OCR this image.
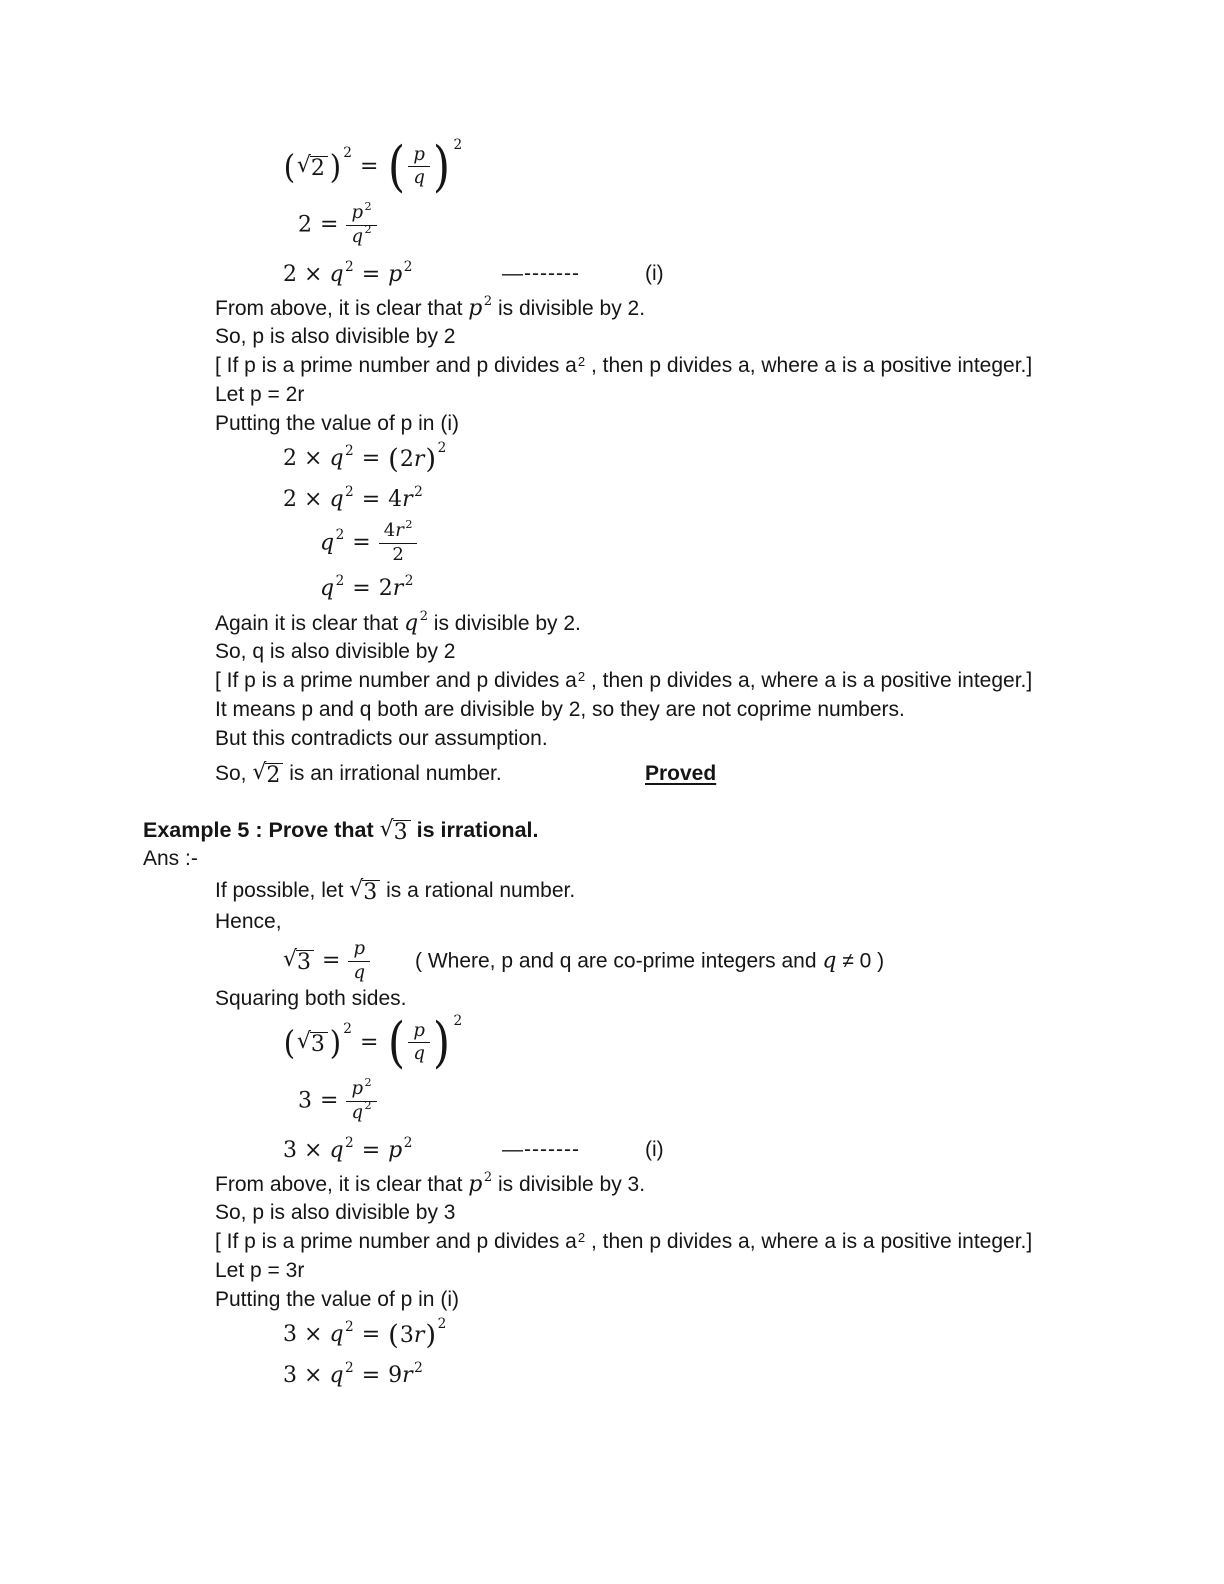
( √ 2 ) 2
= ( $\frac{p}{q}$ ) 2
$2 = \frac{p ^2}{q ^2}$
2 × q $^2$ = p $^2$	—-------	(i)
From above, it is clear that p $^2$ is divisible by 2.
So, p is also divisible by 2
[ If p is a prime number and p divides $a^2$ , then p divides a, where a is a positive integer.]
Let p = 2r
Putting the value of p in (i)
2 × q $^2$ = ( 2r ) 2
2 × q $^2$ = 4r $^2$
q $^2 = \frac{4r ^2}{2}$
q $^2$ = 2r $^2$
Again it is clear that q $^2$ is divisible by 2.
So, q is also divisible by 2
[ If p is a prime number and p divides $a^2$ , then p divides a, where a is a positive integer.]
It means p and q both are divisible by 2, so they are not coprime numbers.
But this contradicts our assumption.
So, √ 2 is an irrational number.	Proved
Example 5 : Prove that √ 3 is irrational.
Ans :-
If possible, let √ 3 is a rational number.
Hence,
√ $3 = \frac{p}{q}$ ( Where, p and q are co-prime integers and q ≠ 0 )
Squaring both sides.
( √ 3 ) 2
= ( $\frac{p}{q}$ ) 2
$3 = \frac{p ^2}{q ^2}$
3 × q $^2$ = p $^2$	—-------	(i)
From above, it is clear that p $^2$ is divisible by 3.
So, p is also divisible by 3
[ If p is a prime number and p divides $a^2$ , then p divides a, where a is a positive integer.]
Let p = 3r
Putting the value of p in (i)
3 × q $^2$ = ( 3r ) 2
3 × q $^2$ = 9r $^2$
